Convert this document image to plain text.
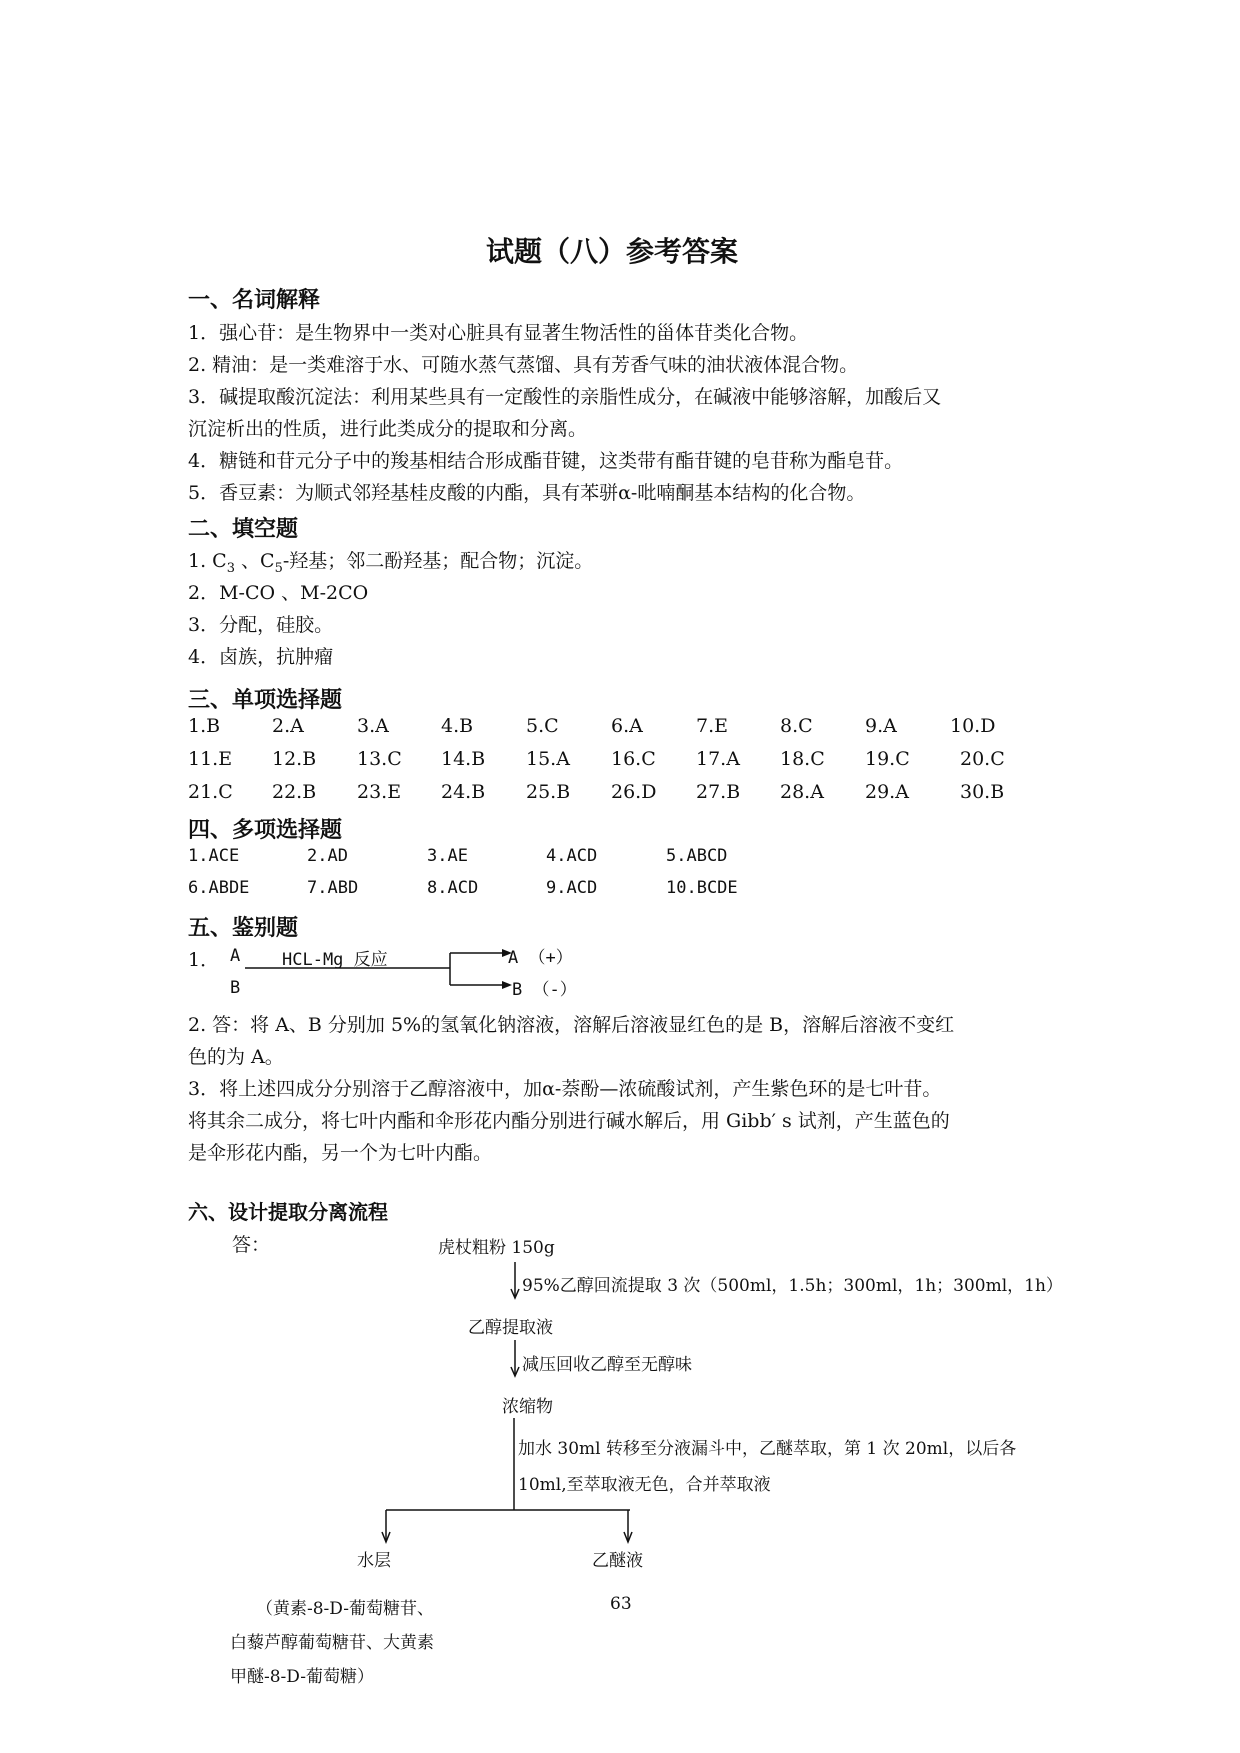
试题（八）参考答案
一、名词解释
1．强心苷：是生物界中一类对心脏具有显著生物活性的甾体苷类化合物。
2. 精油：是一类难溶于水、可随水蒸气蒸馏、具有芳香气味的油状液体混合物。
3．碱提取酸沉淀法：利用某些具有一定酸性的亲脂性成分，在碱液中能够溶解，加酸后又
沉淀析出的性质，进行此类成分的提取和分离。
4．糖链和苷元分子中的羧基相结合形成酯苷键，这类带有酯苷键的皂苷称为酯皂苷。
5．香豆素：为顺式邻羟基桂皮酸的内酯，具有苯骈α-吡喃酮基本结构的化合物。
二、填空题
1. $C_3$ 、$C_5-$羟基；邻二酚羟基；配合物；沉淀。
2．M-CO 、M-2CO
3．分配，硅胶。
4．卤族，抗肿瘤
三、单项选择题
1.B	2.A	3.A	4.B	5.C	6.A	7.E	8.C	9.A	10.D
11.E 12.B 13.C 14.B 15.A 16.C 17.A 18.C 19.C	20.C
21.C 22.B 23.E 24.B 25.B 26.D 27.B 28.A 29.A	30.B
四、多项选择题
1.ACE	2.AD	3.AE	4.ACD	5.ABCD
6.ABDE	7.ABD	8.ACD	9.ACD	10.BCDE
五、鉴别题
1． A
B
HCL-Mg 反应	A （+）
B （-）
2. 答：将 A、B 分别加 5%的氢氧化钠溶液，溶解后溶液显红色的是 B，溶解后溶液不变红
色的为 A。
3．将上述四成分分别溶于乙醇溶液中，加α-萘酚—浓硫酸试剂，产生紫色环的是七叶苷。
将其余二成分，将七叶内酯和伞形花内酯分别进行碱水解后，用 Gibb′ s 试剂，产生蓝色的
是伞形花内酯，另一个为七叶内酯。
六、设计提取分离流程
答：	虎杖粗粉 150g
95%乙醇回流提取 3 次（500ml，1.5h；300ml，1h；300ml，1h）
乙醇提取液
减压回收乙醇至无醇味
浓缩物
加水 30ml 转移至分液漏斗中，乙醚萃取，第 1 次 20ml，以后各
10ml,至萃取液无色，合并萃取液
水层	乙醚液
（黄素-8-D-葡萄糖苷、
白藜芦醇葡萄糖苷、大黄素
甲醚-8-D-葡萄糖）
63
